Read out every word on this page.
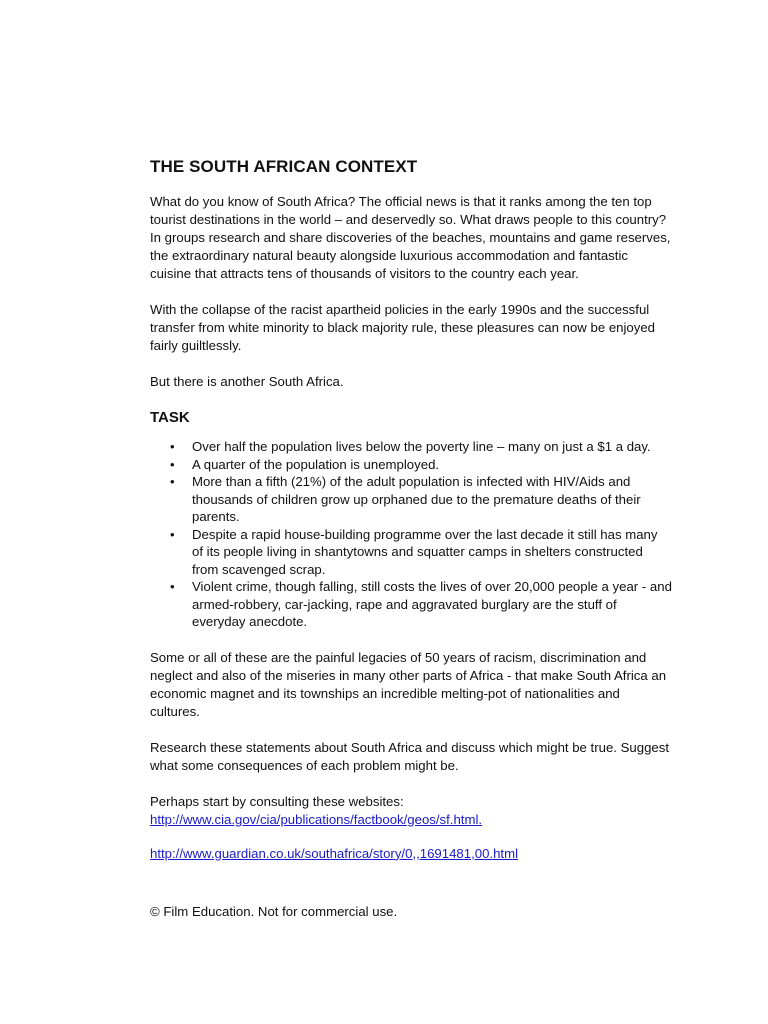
THE SOUTH AFRICAN CONTEXT

What do you know of South Africa? The official news is that it ranks among the ten top tourist destinations in the world – and deservedly so. What draws people to this country? In groups research and share discoveries of the beaches, mountains and game reserves, the extraordinary natural beauty alongside luxurious accommodation and fantastic cuisine that attracts tens of thousands of visitors to the country each year.

With the collapse of the racist apartheid policies in the early 1990s and the successful transfer from white minority to black majority rule, these pleasures can now be enjoyed fairly guiltlessly.

But there is another South Africa.

TASK
• Over half the population lives below the poverty line – many on just a $1 a day.
• A quarter of the population is unemployed.
• More than a fifth (21%) of the adult population is infected with HIV/Aids and thousands of children grow up orphaned due to the premature deaths of their parents.
• Despite a rapid house-building programme over the last decade it still has many of its people living in shantytowns and squatter camps in shelters constructed from scavenged scrap.
• Violent crime, though falling, still costs the lives of over 20,000 people a year - and armed-robbery, car-jacking, rape and aggravated burglary are the stuff of everyday anecdote.

Some or all of these are the painful legacies of 50 years of racism, discrimination and neglect and also of the miseries in many other parts of Africa - that make South Africa an economic magnet and its townships an incredible melting-pot of nationalities and cultures.

Research these statements about South Africa and discuss which might be true. Suggest what some consequences of each problem might be.

Perhaps start by consulting these websites:
http://www.cia.gov/cia/publications/factbook/geos/sf.html.

http://www.guardian.co.uk/southafrica/story/0,,1691481,00.html

© Film Education. Not for commercial use.
